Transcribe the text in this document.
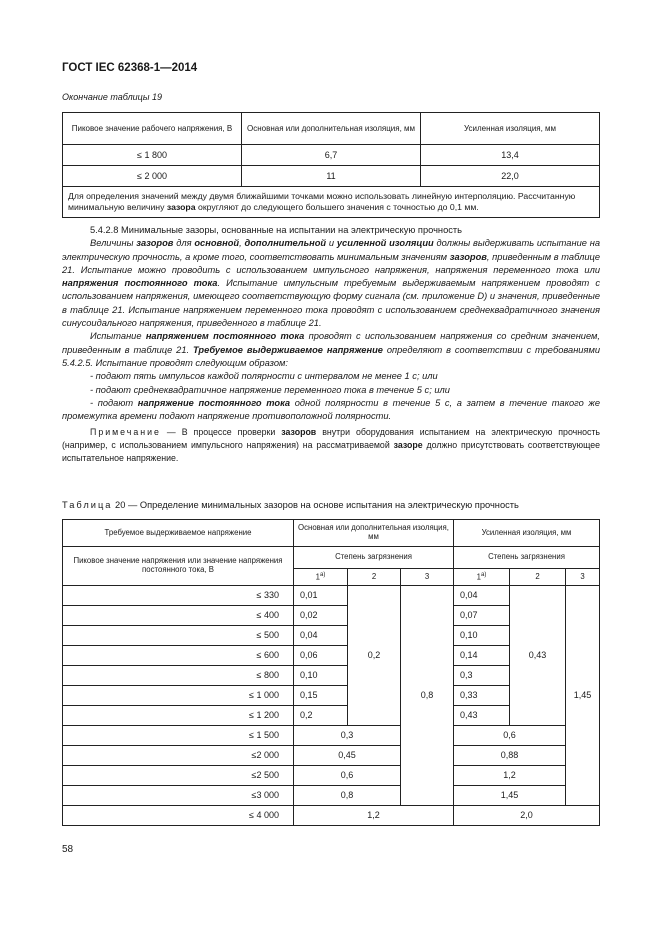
ГОСТ IEC 62368-1—2014
Окончание таблицы 19
Пиковое значение рабочего напряжения, В	Основная или дополнительная изоляция, мм	Усиленная изоляция, мм
≤ 1 800	6,7	13,4
≤ 2 000	11	22,0
Для определения значений между двумя ближайшими точками можно использовать линейную интерполяцию. Рассчитанную минимальную величину зазора округляют до следующего большего значения с точностью до 0,1 мм.		

5.4.2.8 Минимальные зазоры, основанные на испытании на электрическую прочность

Величины зазоров для основной, дополнительной и усиленной изоляции должны выдерживать испытание на электрическую прочность, а кроме того, соответствовать минимальным значениям зазоров, приведенным в таблице 21. Испытание можно проводить с использованием импульсного напряжения, напряжения переменного тока или напряжения постоянного тока. Испытание импульсным требуемым выдерживаемым напряжением проводят с использованием напряжения, имеющего соответствующую форму сигнала (см. приложение D) и значения, приведенные в таблице 21. Испытание напряжением переменного тока проводят с использованием среднеквадратичного значения синусоидального напряжения, приведенного в таблице 21.

Испытание напряжением постоянного тока проводят с использованием напряжения со средним значением, приведенным в таблице 21. Требуемое выдерживаемое напряжение определяют в соответствии с требованиями 5.4.2.5. Испытание проводят следующим образом:

- подают пять импульсов каждой полярности с интервалом не менее 1 с; или

- подают среднеквадратичное напряжение переменного тока в течение 5 с; или

- подают напряжение постоянного тока одной полярности в течение 5 с, а затем в течение такого же промежутка времени подают напряжение противоположной полярности.

Примечание — В процессе проверки зазоров внутри оборудования испытанием на электрическую прочность (например, с использованием импульсного напряжения) на рассматриваемой зазоре должно присутствовать соответствующее испытательное напряжение.

Таблица 20 — Определение минимальных зазоров на основе испытания на электрическую прочность
Требуемое выдерживаемое напряжение	Основная или дополнительная изоляция, мм			Усиленная изоляция, мм		
Пиковое значение напряжения или значение напряжения постоянного тока, В	Степень загрязнения			Степень загрязнения		
	$1^{а)}$	2	3	$1^{а)}$	2	3
≤ 330	0,01	0,2	0,8	0,04	0,43	1,45
≤ 400	0,02			0,07		
≤ 500	0,04			0,10		
≤ 600	0,06			0,14		
≤ 800	0,10			0,3		
≤ 1 000	0,15			0,33		
≤ 1 200	0,2			0,43		
≤ 1 500	0,3			0,6		
≤2 000	0,45			0,88		
≤2 500	0,6			1,2		
≤3 000	0,8			1,45		
≤ 4 000	1,2			2,0		
58
